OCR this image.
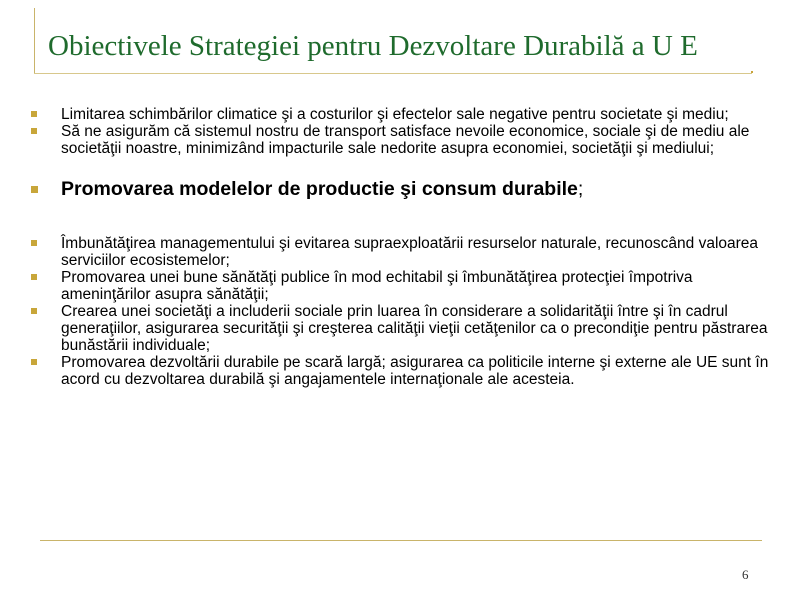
Obiectivele Strategiei pentru Dezvoltare Durabilă a U E
Limitarea schimbărilor climatice şi a costurilor şi efectelor sale negative pentru societate şi mediu;
Să ne asigurăm că sistemul nostru de transport satisface nevoile economice, sociale şi de mediu ale societăţii noastre, minimizând impacturile sale nedorite asupra economiei, societăţii şi mediului;
Promovarea modelelor de productie şi consum durabile;
Îmbunătăţirea managementului şi evitarea supraexploatării resurselor naturale, recunoscând valoarea serviciilor ecosistemelor;
Promovarea unei bune sănătăţi publice în mod echitabil şi îmbunătăţirea protecţiei împotriva ameninţărilor asupra sănătăţii;
Crearea unei societăţi a includerii sociale prin luarea în considerare a solidarităţii între şi în cadrul generaţiilor, asigurarea securităţii şi creşterea calităţii vieţii cetăţenilor ca o precondiţie pentru păstrarea bunăstării individuale;
Promovarea dezvoltării durabile pe scară largă; asigurarea ca politicile interne şi externe ale UE sunt în acord cu dezvoltarea durabilă şi angajamentele internaţionale ale acesteia.
6
